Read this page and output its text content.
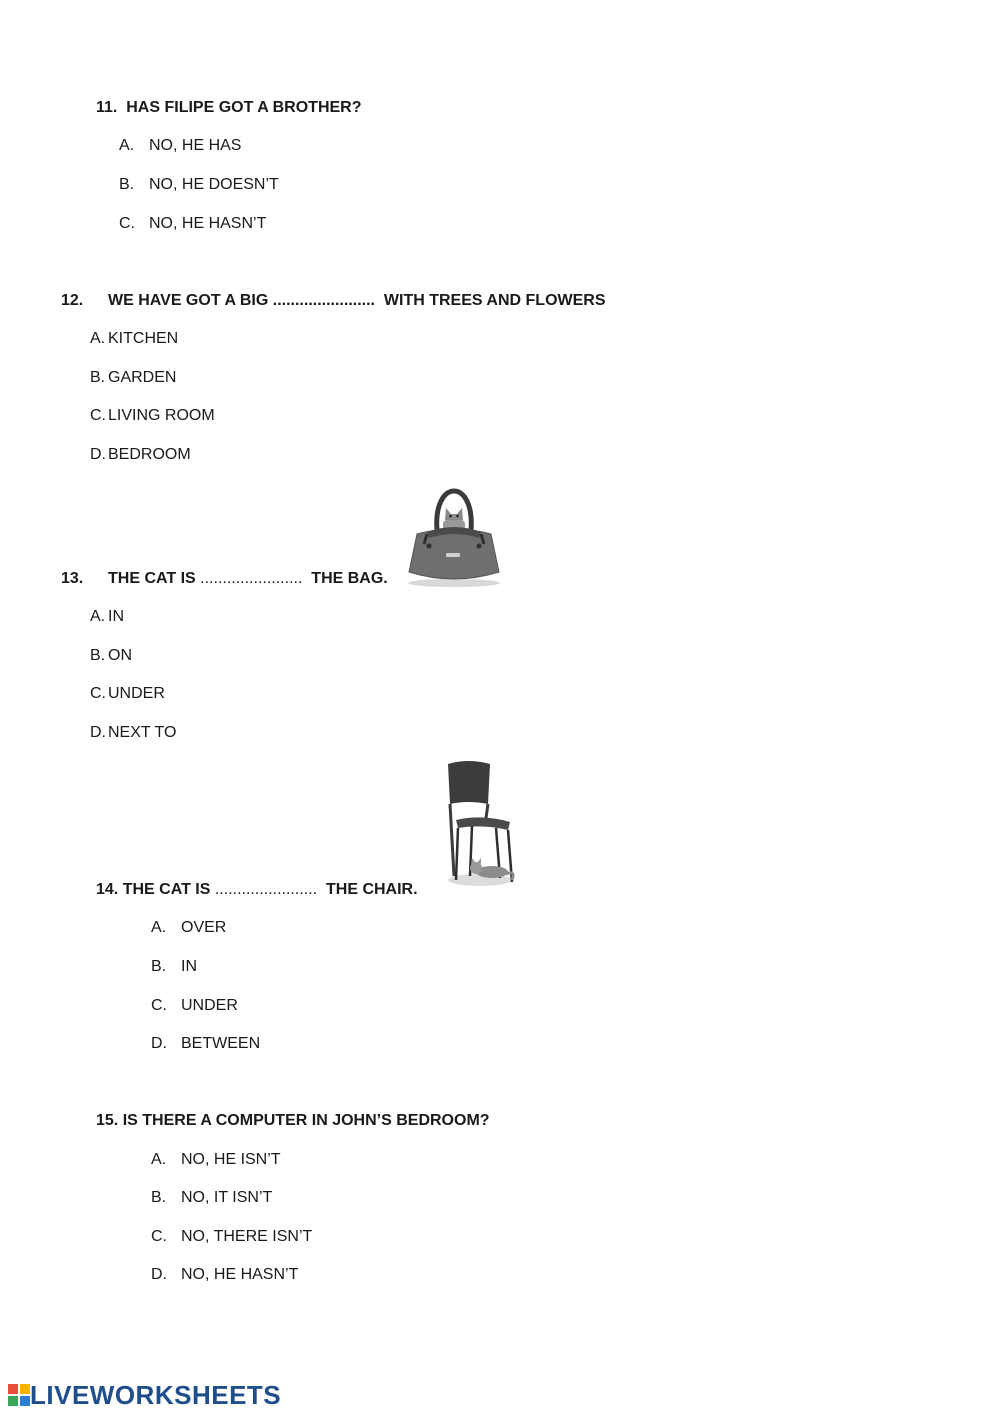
11. HAS FILIPE GOT A BROTHER?
A. NO, HE HAS
B. NO, HE DOESN’T
C. NO, HE HASN’T
12. WE HAVE GOT A BIG ....................... WITH TREES AND FLOWERS
A. KITCHEN
B. GARDEN
C. LIVING ROOM
D. BEDROOM
13. THE CAT IS ....................... THE BAG.
A. IN
B. ON
C. UNDER
D. NEXT TO
14. THE CAT IS ....................... THE CHAIR.
A. OVER
B. IN
C. UNDER
D. BETWEEN
15. IS THERE A COMPUTER IN JOHN’S BEDROOM?
A. NO, HE ISN’T
B. NO, IT ISN’T
C. NO, THERE ISN’T
D. NO, HE HASN’T
LIVEWORKSHEETS
